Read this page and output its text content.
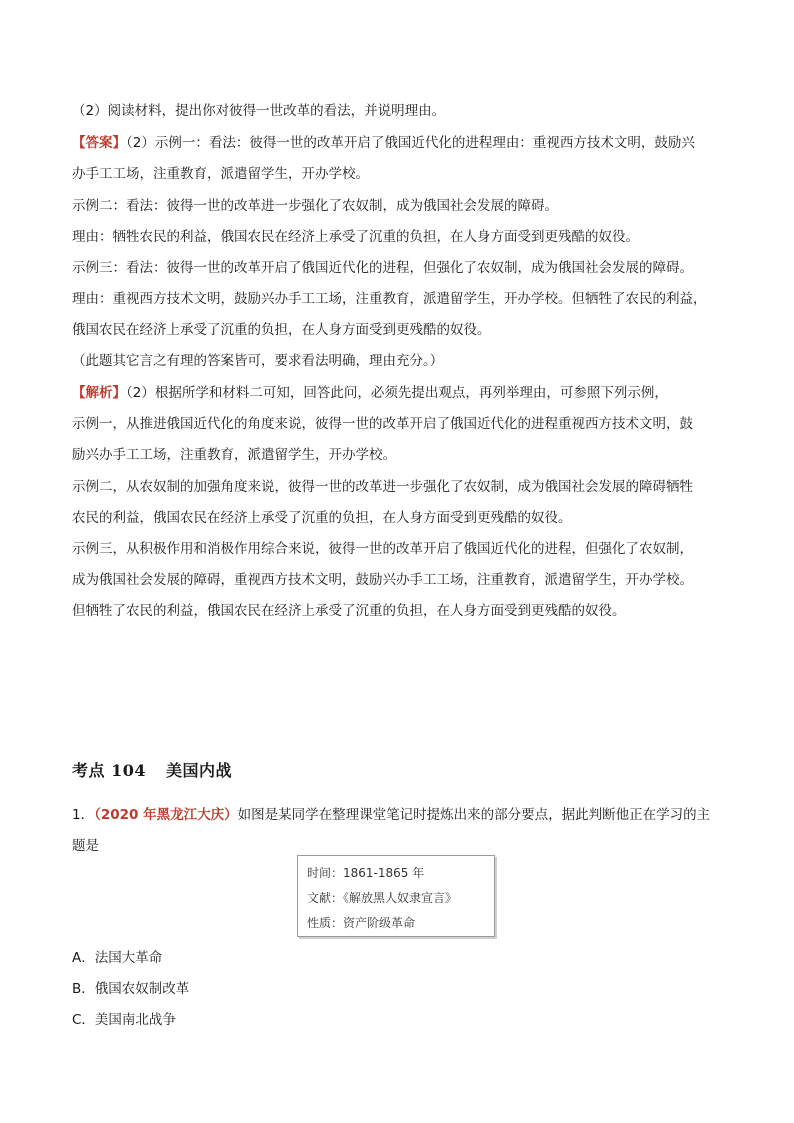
（2）阅读材料，提出你对彼得一世改革的看法，并说明理由。
【答案】（2）示例一：看法：彼得一世的改革开启了俄国近代化的进程理由：重视西方技术文明，鼓励兴
办手工工场，注重教育，派遣留学生，开办学校。
示例二：看法：彼得一世的改革进一步强化了农奴制，成为俄国社会发展的障碍。
理由：牺牲农民的利益，俄国农民在经济上承受了沉重的负担，在人身方面受到更残酷的奴役。
示例三：看法：彼得一世的改革开启了俄国近代化的进程，但强化了农奴制，成为俄国社会发展的障碍。
理由：重视西方技术文明，鼓励兴办手工工场，注重教育，派遣留学生，开办学校。但牺牲了农民的利益，
俄国农民在经济上承受了沉重的负担，在人身方面受到更残酷的奴役。
（此题其它言之有理的答案皆可，要求看法明确，理由充分。）
【解析】（2）根据所学和材料二可知，回答此问，必须先提出观点，再列举理由，可参照下列示例，
示例一，从推进俄国近代化的角度来说，彼得一世的改革开启了俄国近代化的进程重视西方技术文明，鼓
励兴办手工工场，注重教育，派遣留学生，开办学校。
示例二，从农奴制的加强角度来说，彼得一世的改革进一步强化了农奴制，成为俄国社会发展的障碍牺牲
农民的利益，俄国农民在经济上承受了沉重的负担，在人身方面受到更残酷的奴役。
示例三，从积极作用和消极作用综合来说，彼得一世的改革开启了俄国近代化的进程，但强化了农奴制，
成为俄国社会发展的障碍，重视西方技术文明，鼓励兴办手工工场，注重教育，派遣留学生，开办学校。
但牺牲了农民的利益，俄国农民在经济上承受了沉重的负担，在人身方面受到更残酷的奴役。
考点 104 美国内战
1．（2020 年黑龙江大庆）如图是某同学在整理课堂笔记时提炼出来的部分要点，据此判断他正在学习的主
题是
时间：1861-1865 年
文献：《解放黑人奴隶宣言》
性质：资产阶级革命
A．法国大革命
B．俄国农奴制改革
C．美国南北战争
